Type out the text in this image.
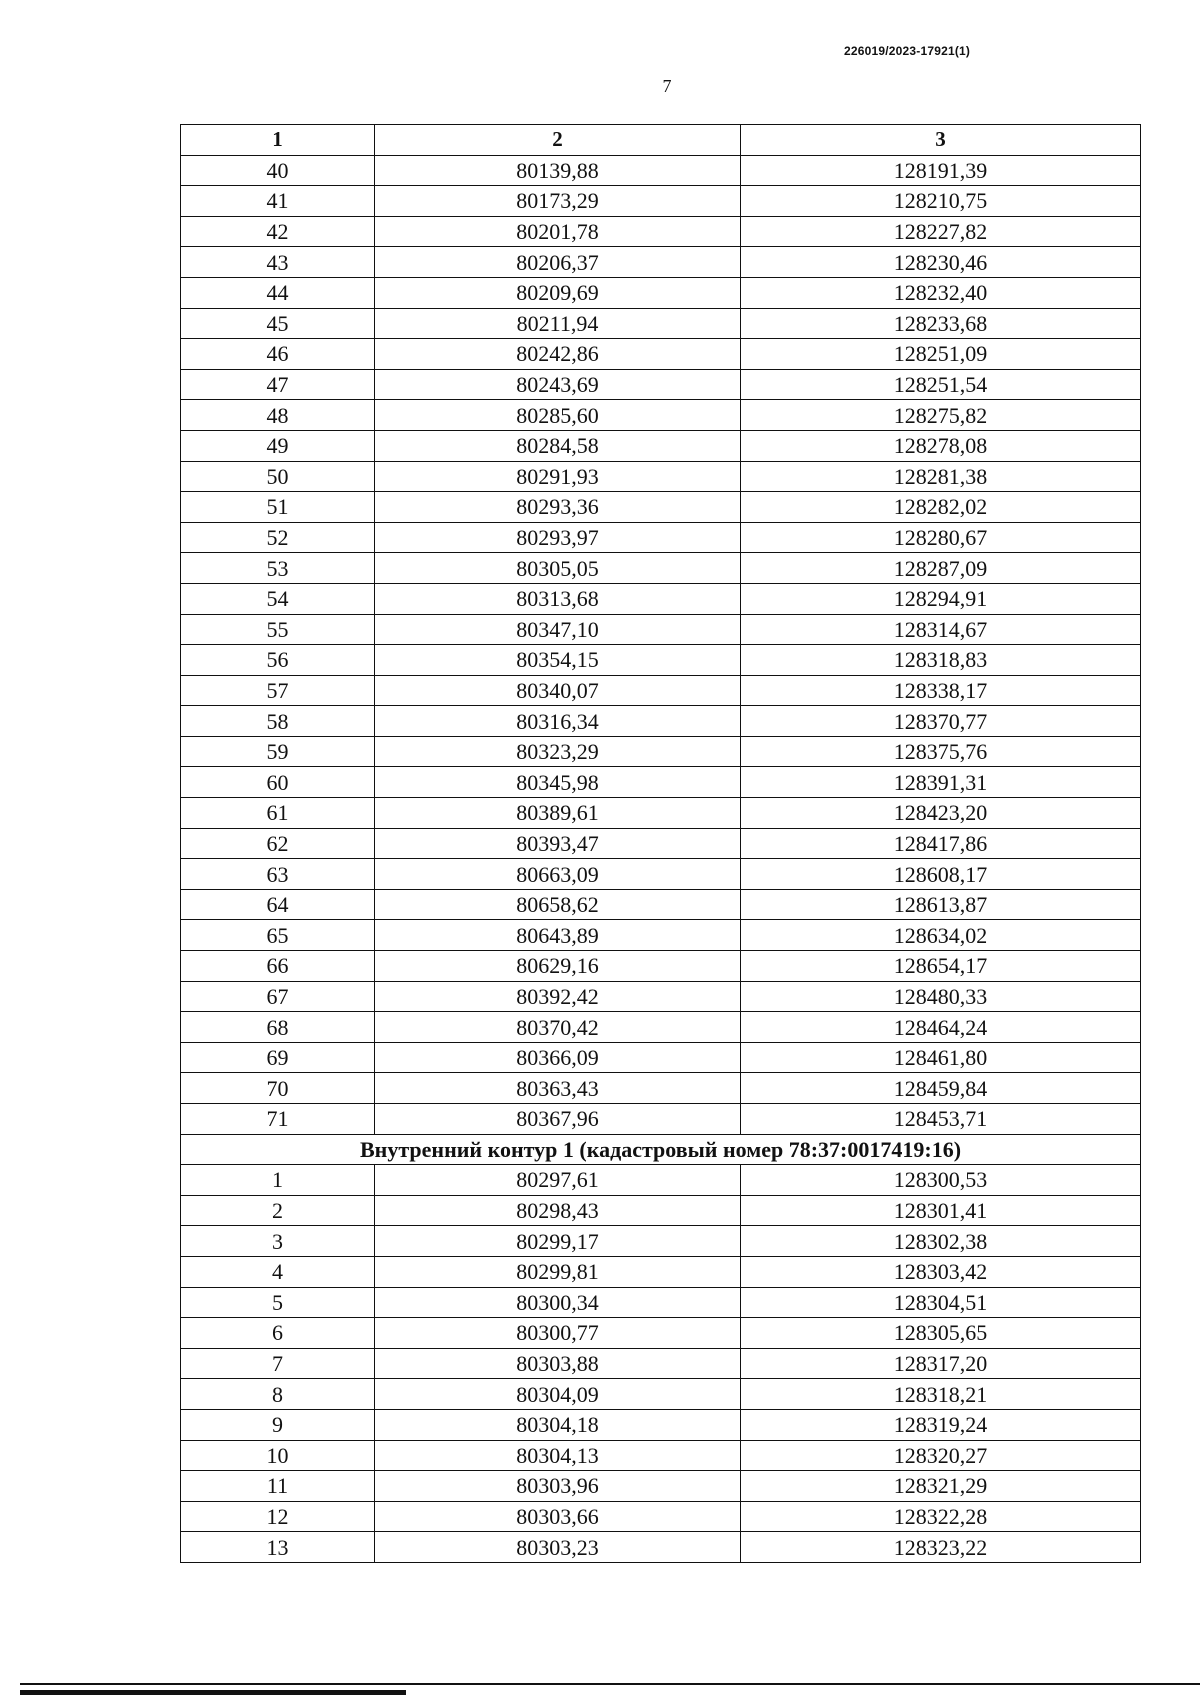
226019/2023-17921(1)
7
1	2	3
40	80139,88	128191,39
41	80173,29	128210,75
42	80201,78	128227,82
43	80206,37	128230,46
44	80209,69	128232,40
45	80211,94	128233,68
46	80242,86	128251,09
47	80243,69	128251,54
48	80285,60	128275,82
49	80284,58	128278,08
50	80291,93	128281,38
51	80293,36	128282,02
52	80293,97	128280,67
53	80305,05	128287,09
54	80313,68	128294,91
55	80347,10	128314,67
56	80354,15	128318,83
57	80340,07	128338,17
58	80316,34	128370,77
59	80323,29	128375,76
60	80345,98	128391,31
61	80389,61	128423,20
62	80393,47	128417,86
63	80663,09	128608,17
64	80658,62	128613,87
65	80643,89	128634,02
66	80629,16	128654,17
67	80392,42	128480,33
68	80370,42	128464,24
69	80366,09	128461,80
70	80363,43	128459,84
71	80367,96	128453,71
Внутренний контур 1 (кадастровый номер 78:37:0017419:16)		
1	80297,61	128300,53
2	80298,43	128301,41
3	80299,17	128302,38
4	80299,81	128303,42
5	80300,34	128304,51
6	80300,77	128305,65
7	80303,88	128317,20
8	80304,09	128318,21
9	80304,18	128319,24
10	80304,13	128320,27
11	80303,96	128321,29
12	80303,66	128322,28
13	80303,23	128323,22
